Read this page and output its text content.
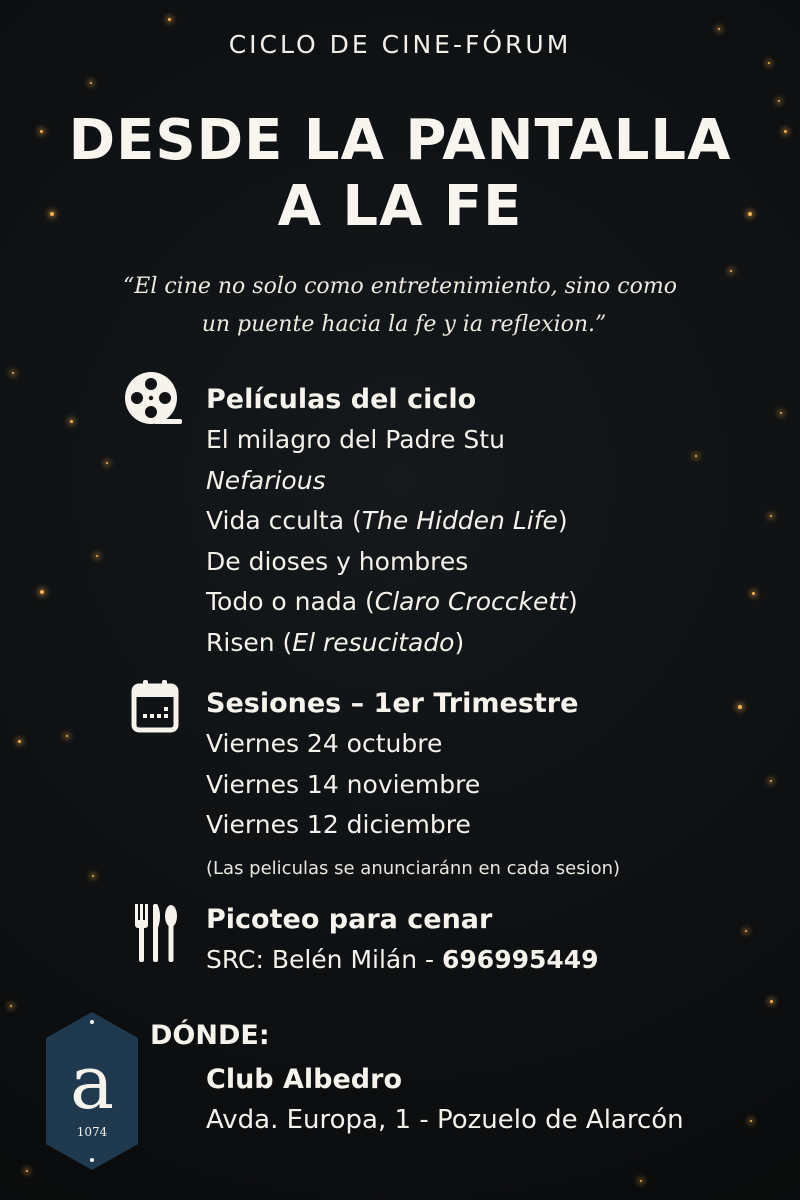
CICLO DE CINE-FÓRUM
DESDE LA PANTALLA
A LA FE
“El cine no solo como entretenimiento, sino como
un puente hacia la fe y ia reflexion.”
Películas del ciclo
El milagro del Padre Stu
Nefarious
Vida cculta (The Hidden Life)
De dioses y hombres
Todo o nada (Claro Crocckett)
Risen (El resucitado)
Sesiones – 1er Trimestre
Viernes 24 octubre
Viernes 14 noviembre
Viernes 12 diciembre
(Las peliculas se anunciaránn en cada sesion)
Picoteo para cenar
SRC: Belén Milán - 696995449
a
1074
DÓNDE:
Club Albedro
Avda. Europa, 1 - Pozuelo de Alarcón
